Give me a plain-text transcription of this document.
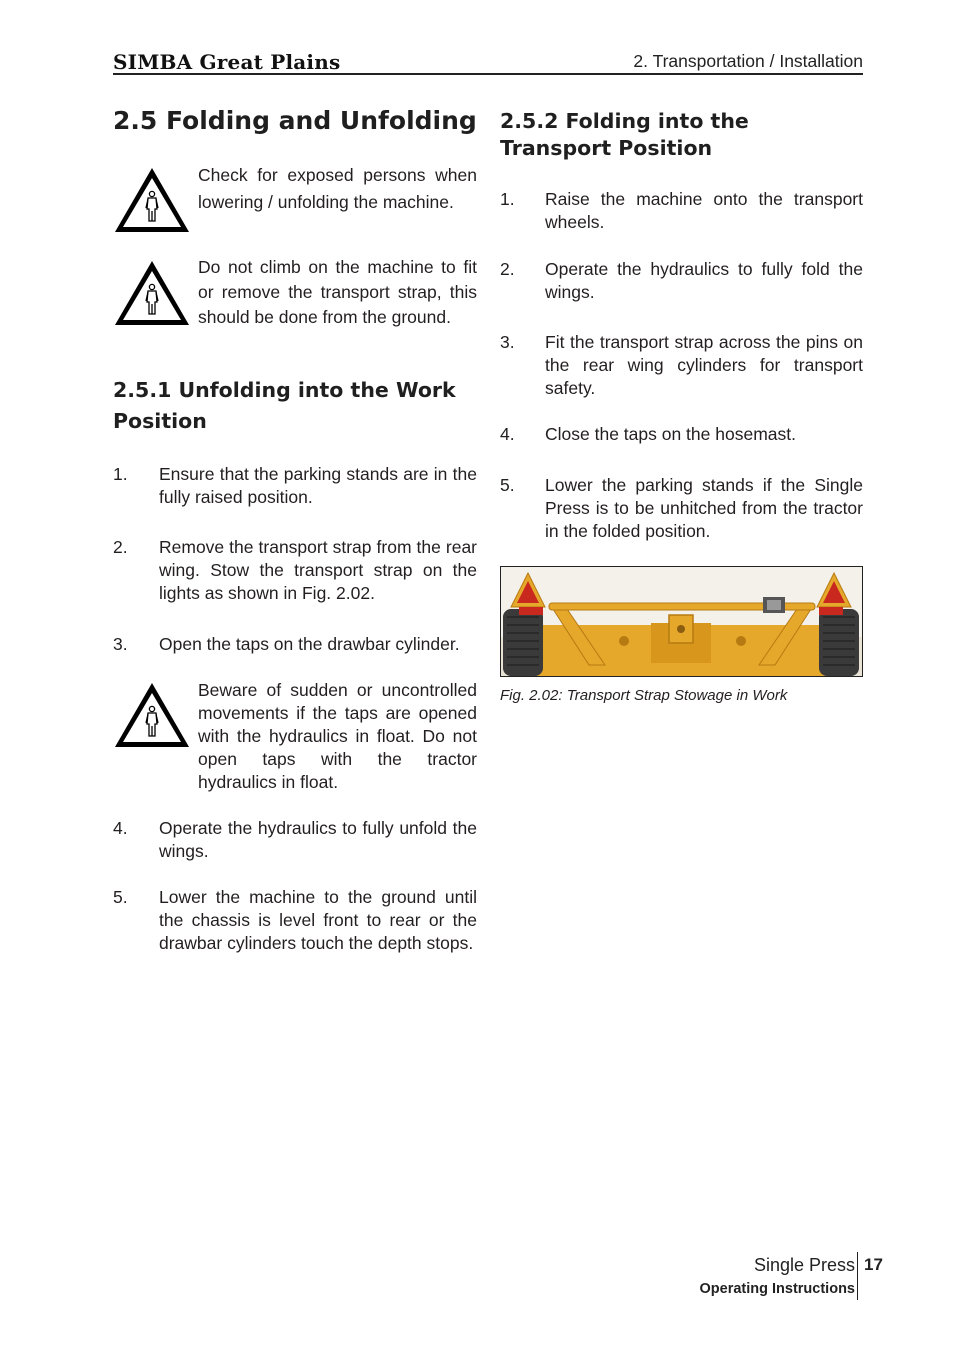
SIMBA Great Plains	2. Transportation / Installation
2.5 Folding and Unfolding
Check for exposed persons when lowering / unfolding the machine.
Do not climb on the machine to fit or remove the transport strap, this should be done from the ground.
2.5.1 Unfolding into the Work Position
1. Ensure that the parking stands are in the fully raised position.
2. Remove the transport strap from the rear wing. Stow the transport strap on the lights as shown in Fig. 2.02.
3. Open the taps on the drawbar cylinder.
Beware of sudden or uncontrolled movements if the taps are opened with the hydraulics in float. Do not open taps with the tractor hydraulics in float.
4. Operate the hydraulics to fully unfold the wings.
5. Lower the machine to the ground until the chassis is level front to rear or the drawbar cylinders touch the depth stops.
2.5.2 Folding into the Transport Position
1. Raise the machine onto the transport wheels.
2. Operate the hydraulics to fully fold the wings.
3. Fit the transport strap across the pins on the rear wing cylinders for transport safety.
4. Close the taps on the hosemast.
5. Lower the parking stands if the Single Press is to be unhitched from the tractor in the folded position.
Fig. 2.02: Transport Strap Stowage in Work
Single Press
Operating Instructions
17
